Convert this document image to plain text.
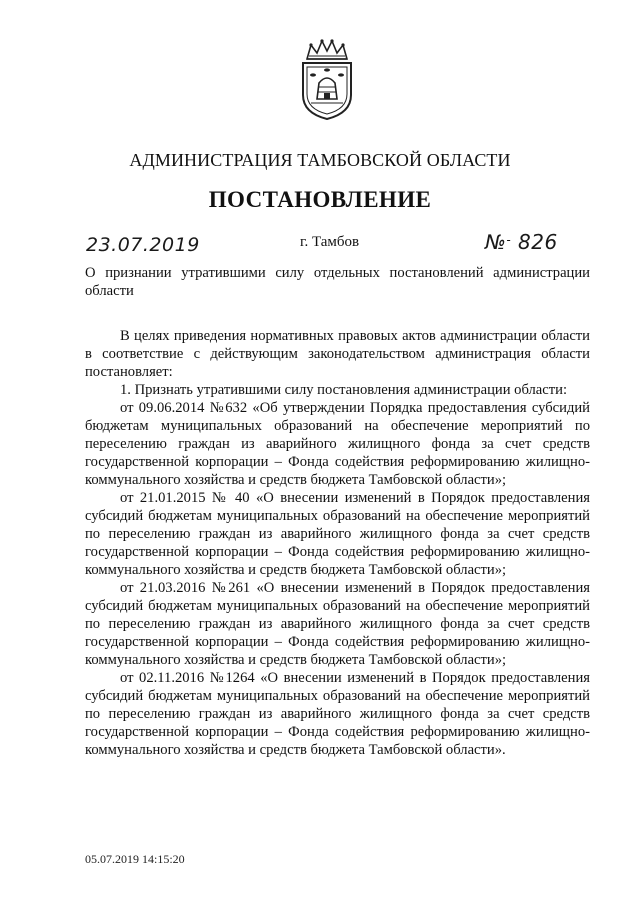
АДМИНИСТРАЦИЯ ТАМБОВСКОЙ ОБЛАСТИ
ПОСТАНОВЛЕНИЕ
23.07.2019	г. Тамбов	№- 826
О признании утратившими силу отдельных постановлений администрации области

В целях приведения нормативных правовых актов администрации области в соответствие с действующим законодательством администрация области постановляет:

1. Признать утратившими силу постановления администрации области:

от 09.06.2014 №632 «Об утверждении Порядка предоставления субсидий бюджетам муниципальных образований на обеспечение мероприятий по переселению граждан из аварийного жилищного фонда за счет средств государственной корпорации – Фонда содействия реформированию жилищно-коммунального хозяйства и средств бюджета Тамбовской области»;

от 21.01.2015 № 40 «О внесении изменений в Порядок предоставления субсидий бюджетам муниципальных образований на обеспечение мероприятий по переселению граждан из аварийного жилищного фонда за счет средств государственной корпорации – Фонда содействия реформированию жилищно-коммунального хозяйства и средств бюджета Тамбовской области»;

от 21.03.2016 №261 «О внесении изменений в Порядок предоставления субсидий бюджетам муниципальных образований на обеспечение мероприятий по переселению граждан из аварийного жилищного фонда за счет средств государственной корпорации – Фонда содействия реформированию жилищно-коммунального хозяйства и средств бюджета Тамбовской области»;

от 02.11.2016 №1264 «О внесении изменений в Порядок предоставления субсидий бюджетам муниципальных образований на обеспечение мероприятий по переселению граждан из аварийного жилищного фонда за счет средств государственной корпорации – Фонда содействия реформированию жилищно-коммунального хозяйства и средств бюджета Тамбовской области».

05.07.2019 14:15:20
